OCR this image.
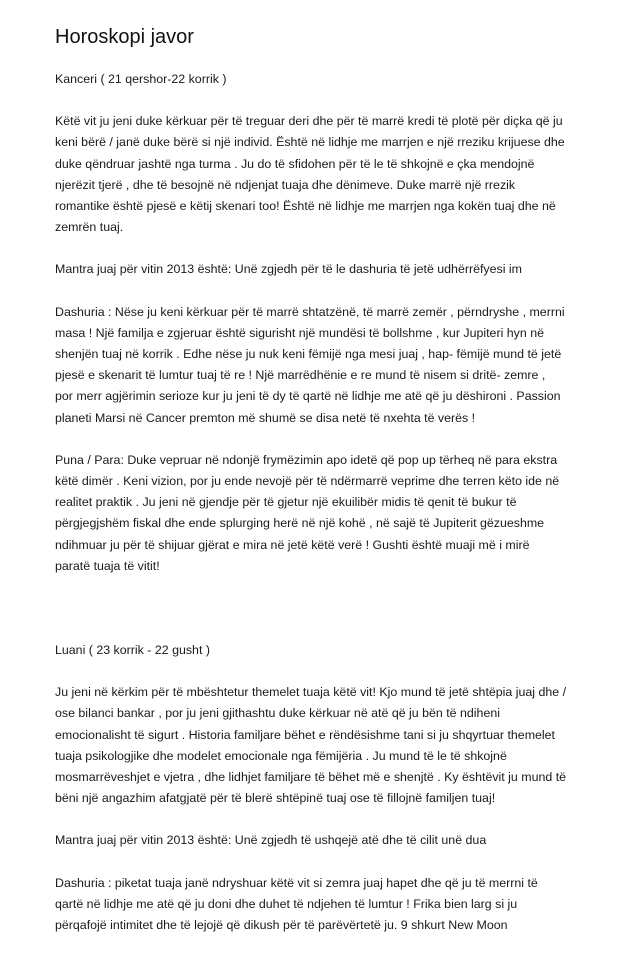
Horoskopi javor
Kanceri ( 21 qershor-22 korrik )
Këtë vit ju jeni duke kërkuar për të treguar deri dhe për të marrë kredi të plotë për diçka që ju
keni bërë / janë duke bërë si një individ. Është në lidhje me marrjen e një rreziku krijuese dhe
duke qëndruar jashtë nga turma . Ju do të sfidohen për të le të shkojnë e çka mendojnë
njerëzit tjerë , dhe të besojnë në ndjenjat tuaja dhe dënimeve. Duke marrë një rrezik
romantike është pjesë e këtij skenari too! Është në lidhje me marrjen nga kokën tuaj dhe në
zemrën tuaj.
Mantra juaj për vitin 2013 është: Unë zgjedh për të le dashuria të jetë udhërrëfyesi im
Dashuria : Nëse ju keni kërkuar për të marrë shtatzënë, të marrë zemër , përndryshe , merrni
masa ! Një familja e zgjeruar është sigurisht një mundësi të bollshme , kur Jupiteri hyn në
shenjën tuaj në korrik . Edhe nëse ju nuk keni fëmijë nga mesi juaj , hap- fëmijë mund të jetë
pjesë e skenarit të lumtur tuaj të re ! Një marrëdhënie e re mund të nisem si dritë- zemre ,
por merr agjërimin serioze kur ju jeni të dy të qartë në lidhje me atë që ju dëshironi . Passion
planeti Marsi në Cancer premton më shumë se disa netë të nxehta të verës !
Puna / Para: Duke vepruar në ndonjë frymëzimin apo idetë që pop up tërheq në para ekstra
këtë dimër . Keni vizion, por ju ende nevojë për të ndërmarrë veprime dhe terren këto ide në
realitet praktik . Ju jeni në gjendje për të gjetur një ekuilibër midis të qenit të bukur të
përgjegjshëm fiskal dhe ende splurging herë në një kohë , në sajë të Jupiterit gëzueshme
ndihmuar ju për të shijuar gjërat e mira në jetë këtë verë ! Gushti është muaji më i mirë
paratë tuaja të vitit!
Luani ( 23 korrik - 22 gusht )
Ju jeni në kërkim për të mbështetur themelet tuaja këtë vit! Kjo mund të jetë shtëpia juaj dhe /
ose bilanci bankar , por ju jeni gjithashtu duke kërkuar në atë që ju bën të ndiheni
emocionalisht të sigurt . Historia familjare bëhet e rëndësishme tani si ju shqyrtuar themelet
tuaja psikologjike dhe modelet emocionale nga fëmijëria . Ju mund të le të shkojnë
mosmarrëveshjet e vjetra , dhe lidhjet familjare të bëhet më e shenjtë . Ky ështëvit ju mund të
bëni një angazhim afatgjatë për të blerë shtëpinë tuaj ose të fillojnë familjen tuaj!
Mantra juaj për vitin 2013 është: Unë zgjedh të ushqejë atë dhe të cilit unë dua
Dashuria : piketat tuaja janë ndryshuar këtë vit si zemra juaj hapet dhe që ju të merrni të
qartë në lidhje me atë që ju doni dhe duhet të ndjehen të lumtur ! Frika bien larg si ju
përqafojë intimitet dhe të lejojë që dikush për të parëvërtetë ju. 9 shkurt New Moon
